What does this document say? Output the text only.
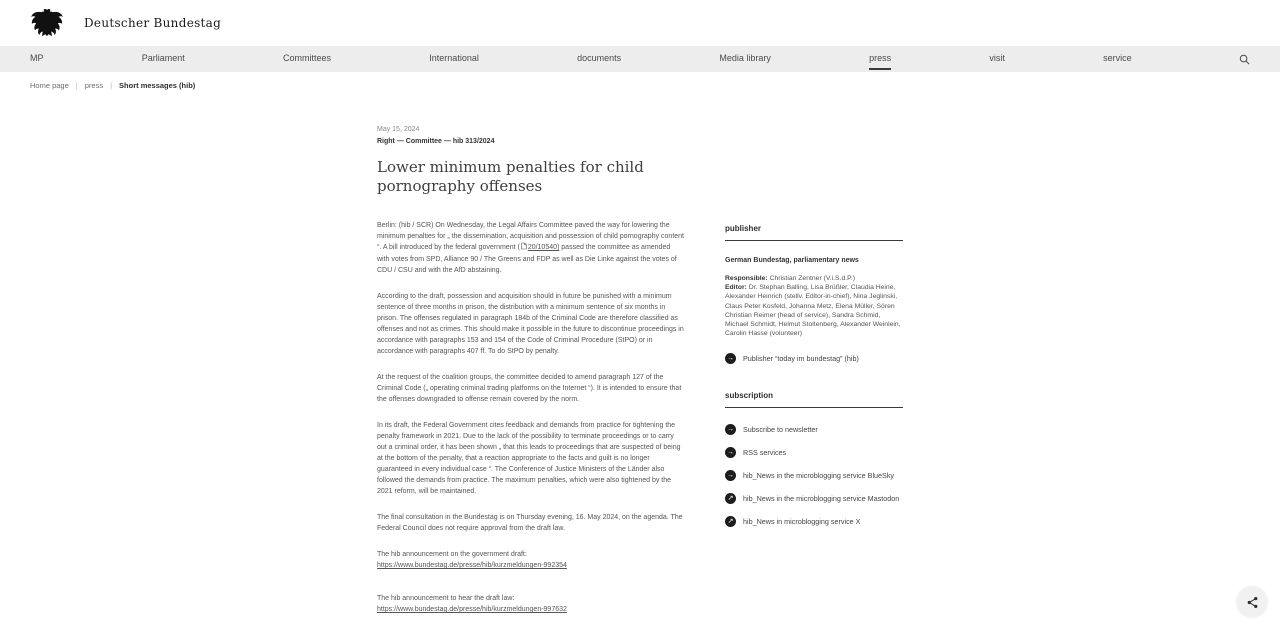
Deutscher Bundestag
MP	Parliament	Committees	International	documents	Media library	press	visit	service
Home page | press | Short messages (hib)
May 15, 2024
Right — Committee — hib 313/2024
Lower minimum penalties for child pornography offenses

Berlin: (hib / SCR) On Wednesday, the Legal Affairs Committee paved the way for lowering the minimum penalties for „ the dissemination, acquisition and possession of child pornography content “. A bill introduced by the federal government ( 20/10540) passed the committee as amended with votes from SPD, Alliance 90 / The Greens and FDP as well as Die Linke against the votes of CDU / CSU and with the AfD abstaining.

According to the draft, possession and acquisition should in future be punished with a minimum sentence of three months in prison, the distribution with a minimum sentence of six months in prison. The offenses regulated in paragraph 184b of the Criminal Code are therefore classified as offenses and not as crimes. This should make it possible in the future to discontinue proceedings in accordance with paragraphs 153 and 154 of the Code of Criminal Procedure (StPO) or in accordance with paragraphs 407 ff. To do StPO by penalty.

At the request of the coalition groups, the committee decided to amend paragraph 127 of the Criminal Code („ operating criminal trading platforms on the Internet “). It is intended to ensure that the offenses downgraded to offense remain covered by the norm.

In its draft, the Federal Government cites feedback and demands from practice for tightening the penalty framework in 2021. Due to the lack of the possibility to terminate proceedings or to carry out a criminal order, it has been shown „ that this leads to proceedings that are suspected of being at the bottom of the penalty, that a reaction appropriate to the facts and guilt is no longer guaranteed in every individual case “. The Conference of Justice Ministers of the Länder also followed the demands from practice. The maximum penalties, which were also tightened by the 2021 reform, will be maintained.

The final consultation in the Bundestag is on Thursday evening, 16. May 2024, on the agenda. The Federal Council does not require approval from the draft law.

The hib announcement on the government draft:
https://www.bundestag.de/presse/hib/kurzmeldungen-992354

The hib announcement to hear the draft law:
https://www.bundestag.de/presse/hib/kurzmeldungen-997632

publisher
German Bundestag, parliamentary news
Responsible: Christian Zentner (V.i.S.d.P.)
Editor: Dr. Stephan Balling, Lisa Brüßler, Claudia Heine, Alexander Heinrich (stellv. Editor-in-chief), Nina Jeglinski, Claus Peter Kosfeld, Johanna Metz, Elena Müller, Sören Christian Reimer (head of service), Sandra Schmid, Michael Schmidt, Helmut Stoltenberg, Alexander Weinlein, Carolin Hasse (volunteer)
→ Publisher “today im bundestag” (hib)
subscription
→ Subscribe to newsletter
→ RSS services
→ hib_News in the microblogging service BlueSky
↗	hib_News in the microblogging service Mastodon
↗	hib_News in microblogging service X
